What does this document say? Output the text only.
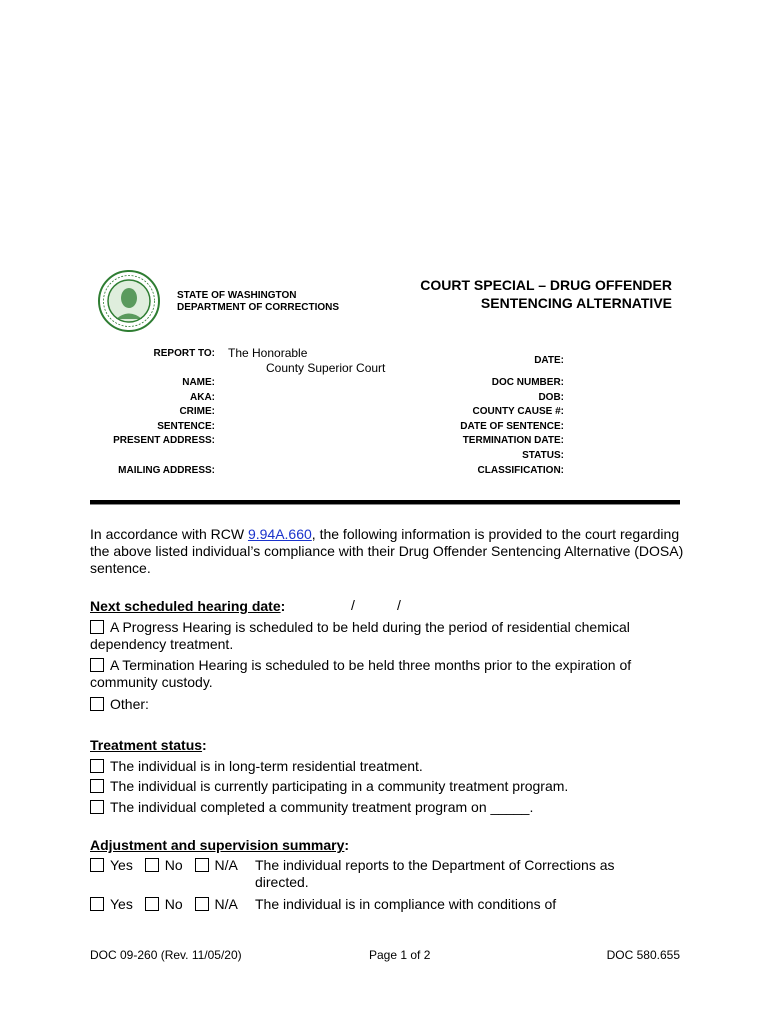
STATE OF WASHINGTON
DEPARTMENT OF CORRECTIONS
COURT SPECIAL – DRUG OFFENDER
SENTENCING ALTERNATIVE
REPORT TO: The Honorable
County Superior Court
NAME:
AKA:
CRIME:
SENTENCE:
PRESENT ADDRESS:
MAILING ADDRESS:
DATE:
DOC NUMBER:
DOB:
COUNTY CAUSE #:
DATE OF SENTENCE:
TERMINATION DATE:
STATUS:
CLASSIFICATION:
In accordance with RCW 9.94A.660, the following information is provided to the court regarding the above listed individual’s compliance with their Drug Offender Sentencing Alternative (DOSA) sentence.
Next scheduled hearing date:	/	/
A Progress Hearing is scheduled to be held during the period of residential chemical dependency treatment.
A Termination Hearing is scheduled to be held three months prior to the expiration of community custody.
Other:
Treatment status:
The individual is in long-term residential treatment.
The individual is currently participating in a community treatment program.
The individual completed a community treatment program on _____.
Adjustment and supervision summary:
Yes No N/A The individual reports to the Department of Corrections as directed.
Yes No N/A The individual is in compliance with conditions of
DOC 09-260 (Rev. 11/05/20)	Page 1 of 2	DOC 580.655
